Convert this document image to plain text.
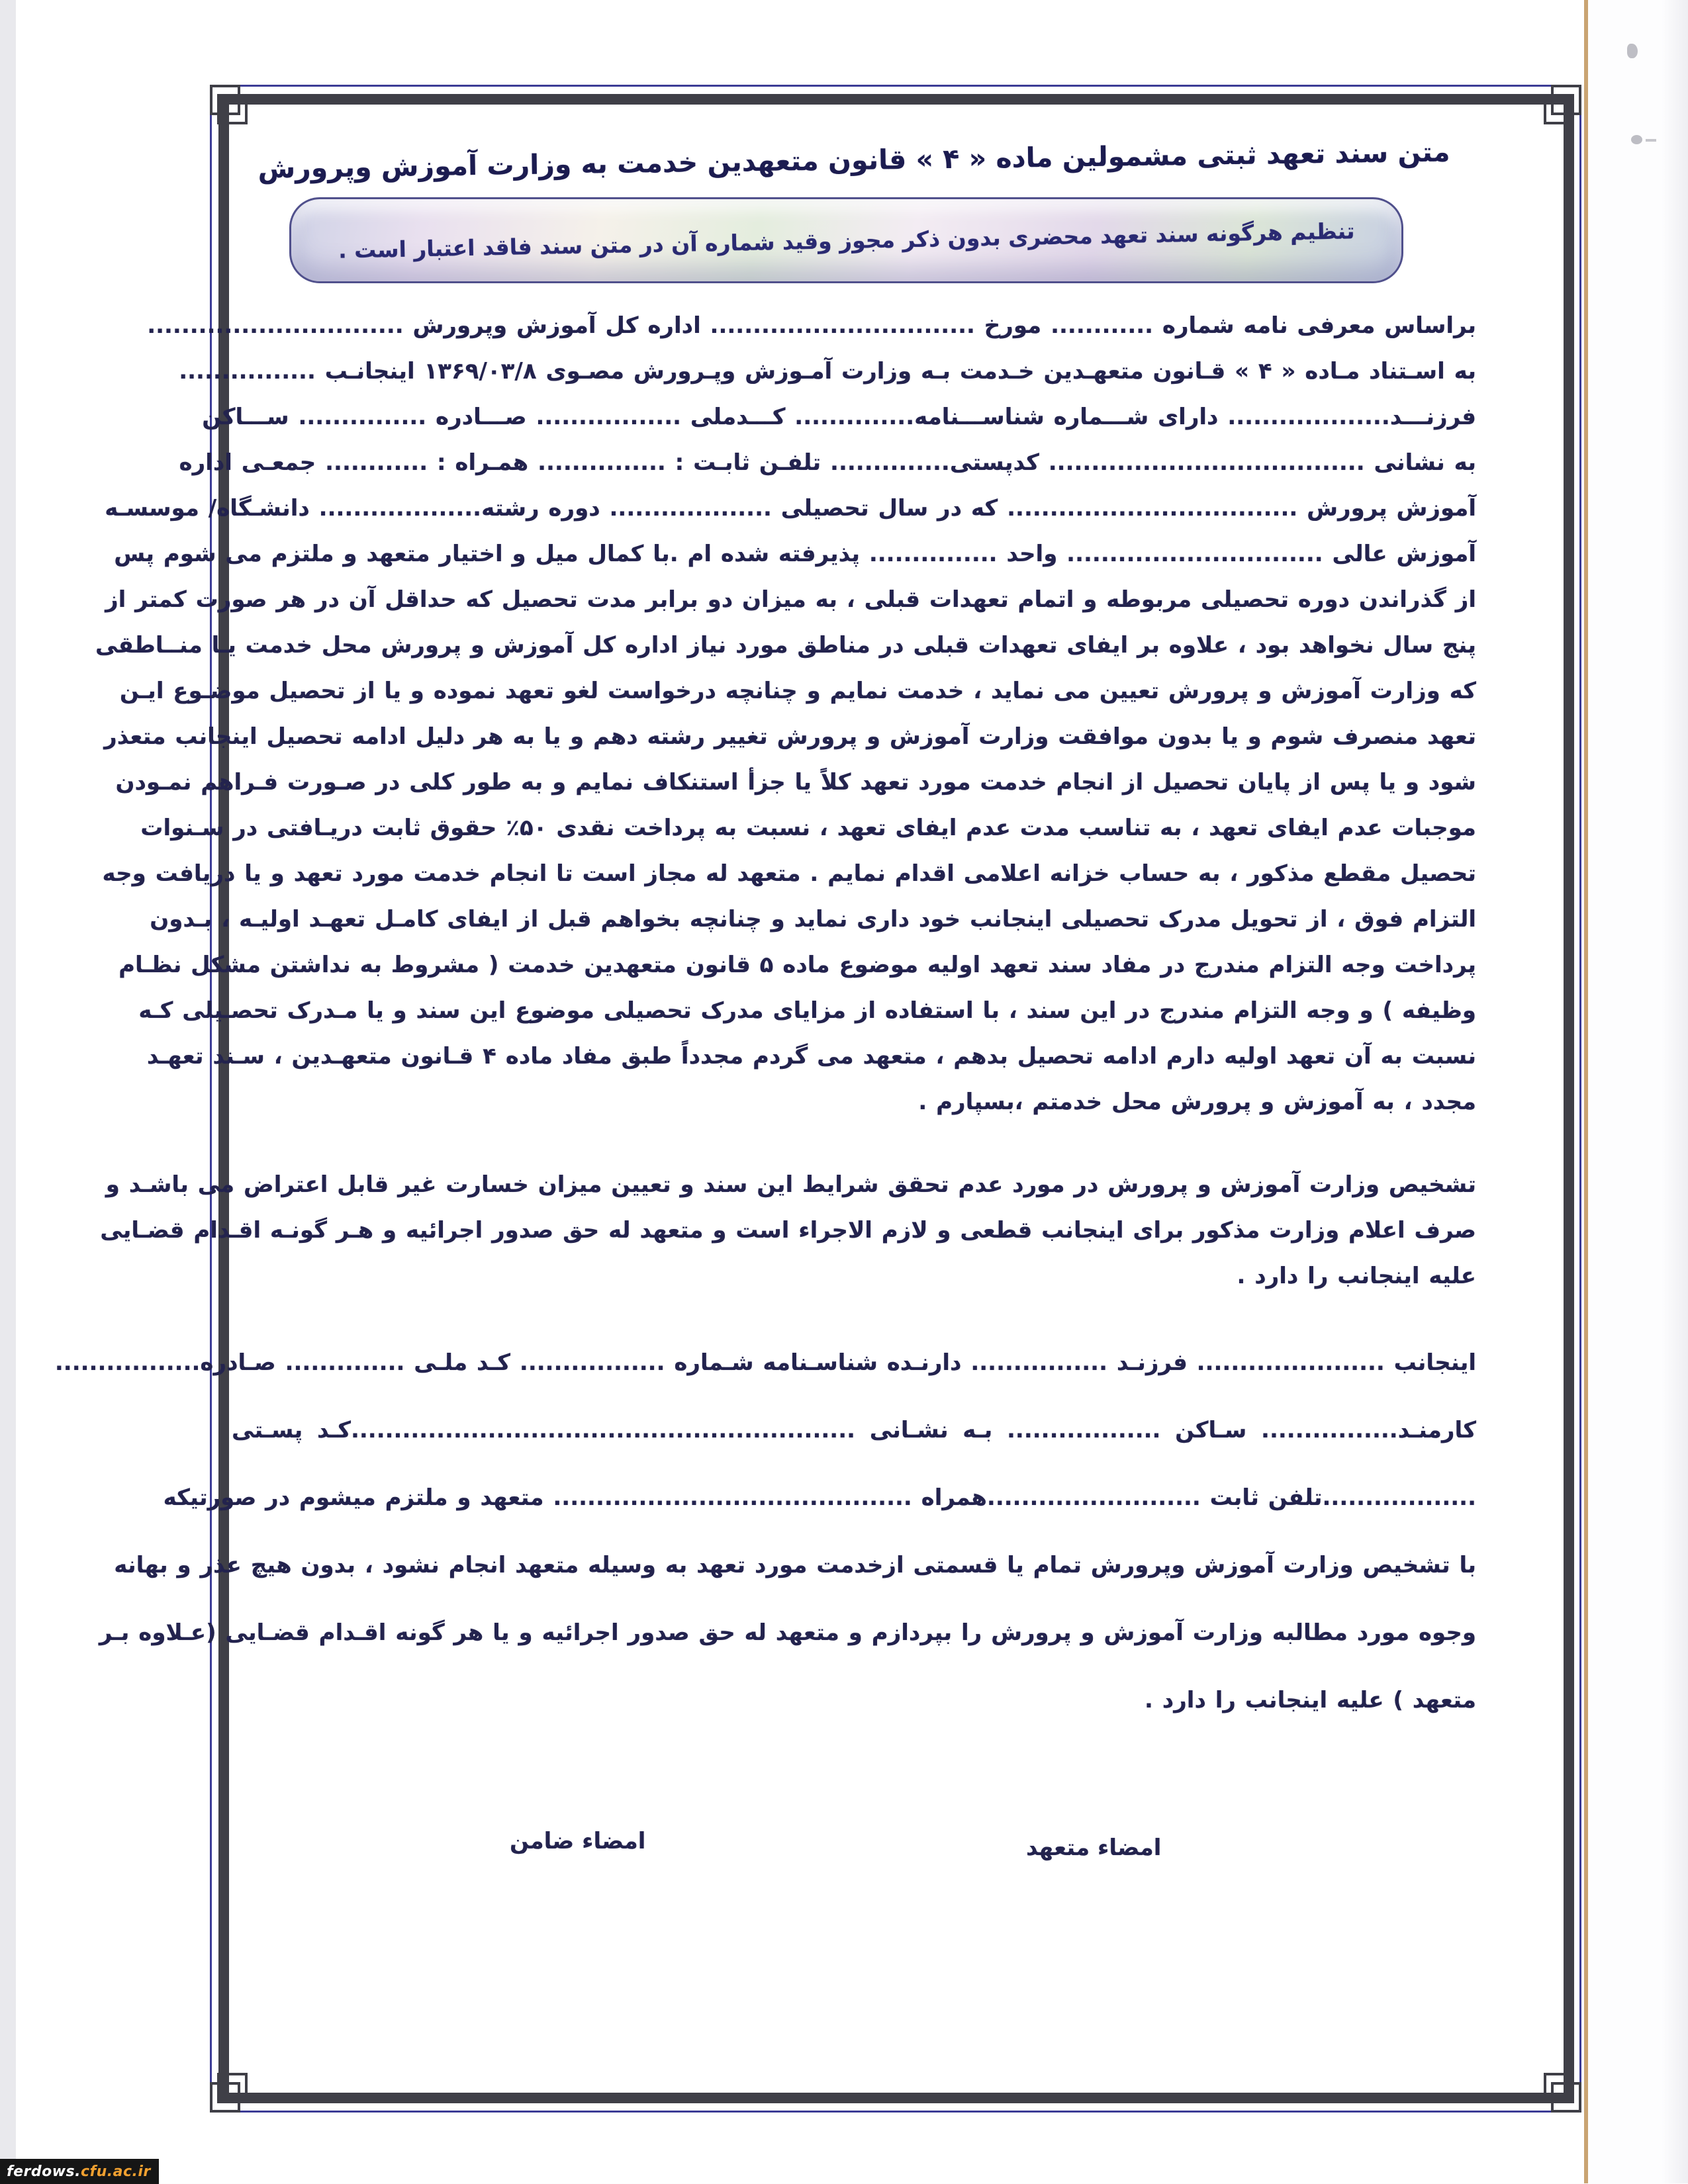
متن سند تعهد ثبتی مشمولین ماده « ۴ » قانون متعهدین خدمت به وزارت آموزش وپرورش
تنظیم هرگونه سند تعهد محضری بدون ذکر مجوز وقید شماره آن در متن سند فاقد اعتبار است .
براساس معرفی نامه شماره ............ مورخ ............................... اداره کل آموزش وپرورش ..............................
به اسـتناد مـاده « ۴ » قـانون متعهـدین خـدمت بـه وزارت آمـوزش وپـرورش مصـوی ۱۳۶۹/۰۳/۸ اینجانـب ................
فرزنـــد................... دارای شـــماره شناســـنامه.............. کـــدملی ................. صـــادره ............... ســـاکن
به نشانی ..................................... کدپستی.............. تلفـن ثابـت : ............... همـراه : ............ جمعـی اداره
آموزش پرورش .................................. که در سال تحصیلی ................... دوره رشته................... دانشـگاه/ موسسـه
آموزش عالی .............................. واحد ............... پذیرفته شده ام .با کمال میل و اختیار متعهد و ملتزم می شوم پس
از گذراندن دوره تحصیلی مربوطه و اتمام تعهدات قبلی ، به میزان دو برابر مدت تحصیل که حداقل آن در هر صورت کمتر از
پنج سال نخواهد بود ، علاوه بر ایفای تعهدات قبلی در مناطق مورد نیاز اداره کل آموزش و پرورش محل خدمت یـا منــاطقی
که وزارت آموزش و پرورش تعیین می نماید ، خدمت نمایم و چنانچه درخواست لغو تعهد نموده و یا از تحصیل موضـوع ایـن
تعهد منصرف شوم و یا بدون موافقت وزارت آموزش و پرورش تغییر رشته دهم و یا به هر دلیل ادامه تحصیل اینجانب متعذر
شود و یا پس از پایان تحصیل از انجام خدمت مورد تعهد کلاً یا جزأ استنکاف نمایم و به طور کلی در صـورت فـراهم نمـودن
موجبات عدم ایفای تعهد ، به تناسب مدت عدم ایفای تعهد ، نسبت به پرداخت نقدی ۵۰٪ حقوق ثابت دریـافتی در سـنوات
تحصیل مقطع مذکور ، به حساب خزانه اعلامی اقدام نمایم . متعهد له مجاز است تا انجام خدمت مورد تعهد و یا دریافت وجه
التزام فوق ، از تحویل مدرک تحصیلی اینجانب خود داری نماید و چنانچه بخواهم قبل از ایفای کامـل تعهـد اولیـه ، بـدون
پرداخت وجه التزام مندرج در مفاد سند تعهد اولیه موضوع ماده ۵ قانون متعهدین خدمت ( مشروط به نداشتن مشکل نظـام
وظیفه ) و وجه التزام مندرج در این سند ، با استفاده از مزایای مدرک تحصیلی موضوع این سند و یا مـدرک تحصـیلی کـه
نسبت به آن تعهد اولیه دارم ادامه تحصیل بدهم ، متعهد می گردم مجدداً طبق مفاد ماده ۴ قـانون متعهـدین ، سـند تعهـد
مجدد ، به آموزش و پرورش محل خدمتم ،بسپارم .
تشخیص وزارت آموزش و پرورش در مورد عدم تحقق شرایط این سند و تعیین میزان خسارت غیر قابل اعتراض می باشـد و
صرف اعلام وزارت مذکور برای اینجانب قطعی و لازم الاجراء است و متعهد له حق صدور اجرائیه و هـر گونـه اقـدام قضـایی
علیه اینجانب را دارد .
اینجانب ...................... فرزنـد ................ دارنـده شناسـنامه شـماره ................. کـد ملـی .............. صـادره.................
کارمنـد................ سـاکن .................. بـه نشـانی ...........................................................کـد پسـتی
..................تلفن ثابت .........................همراه .......................................... متعهد و ملتزم میشوم در صورتیکه
با تشخیص وزارت آموزش وپرورش تمام یا قسمتی ازخدمت مورد تعهد به وسیله متعهد انجام نشود ، بدون هیچ عذر و بهانه
وجوه مورد مطالبه وزارت آموزش و پرورش را بپردازم و متعهد له حق صدور اجرائیه و یا هر گونه اقـدام قضـایی (عـلاوه بـر
متعهد ) علیه اینجانب را دارد .
امضاء متعهد
امضاء ضامن
ferdows. cfu.ac.ir
